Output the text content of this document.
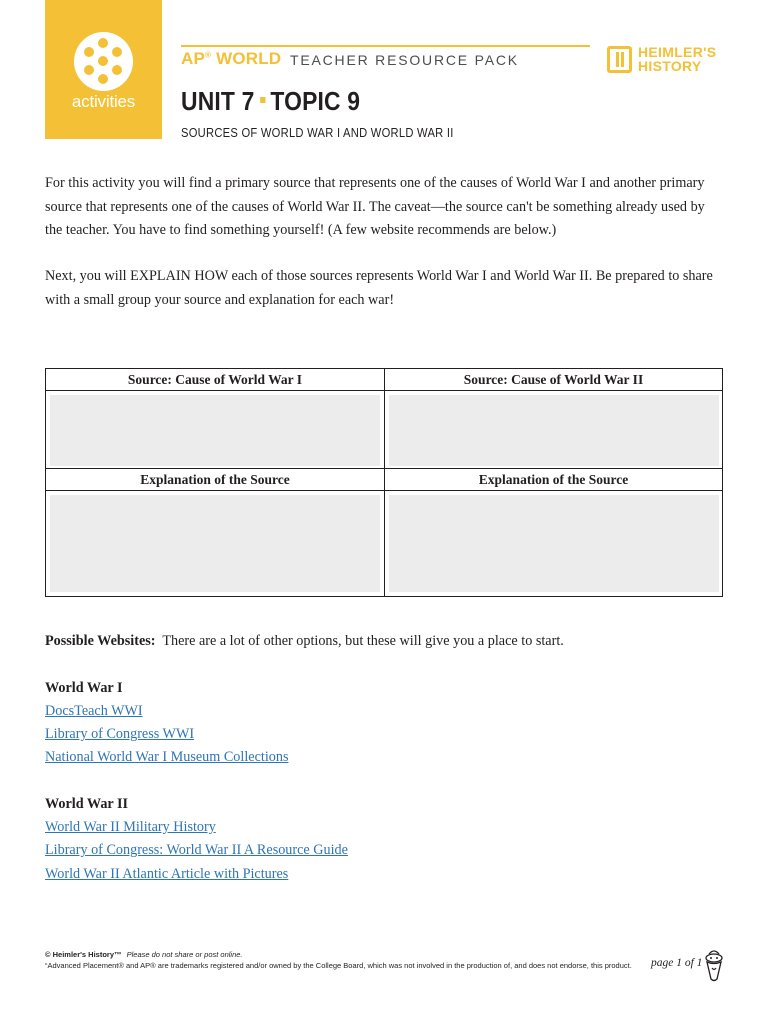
activities
AP® WORLD TEACHER RESOURCE PACK	HEIMLER'S
HISTORY
UNIT 7 TOPIC 9
SOURCES OF WORLD WAR I AND WORLD WAR II

For this activity you will find a primary source that represents one of the causes of World War I and another primary source that represents one of the causes of World War II. The caveat—the source can't be something already used by the teacher. You have to find something yourself! (A few website recommends are below.)

Next, you will EXPLAIN HOW each of those sources represents World War I and World War II. Be prepared to share with a small group your source and explanation for each war!

Source: Cause of World War I	Source: Cause of World War II
Explanation of the Source	Explanation of the Source
Possible Websites: There are a lot of other options, but these will give you a place to start.
World War I
DocsTeach WWI
Library of Congress WWI
National World War I Museum Collections
World War II
World War II Military History
Library of Congress: World War II A Resource Guide
World War II Atlantic Article with Pictures
© Heimler's History™ Please do not share or post online.
“Advanced Placement® and AP® are trademarks registered and/or owned by the College Board, which was not involved in the production of, and does not endorse, this product. page 1 of 1
